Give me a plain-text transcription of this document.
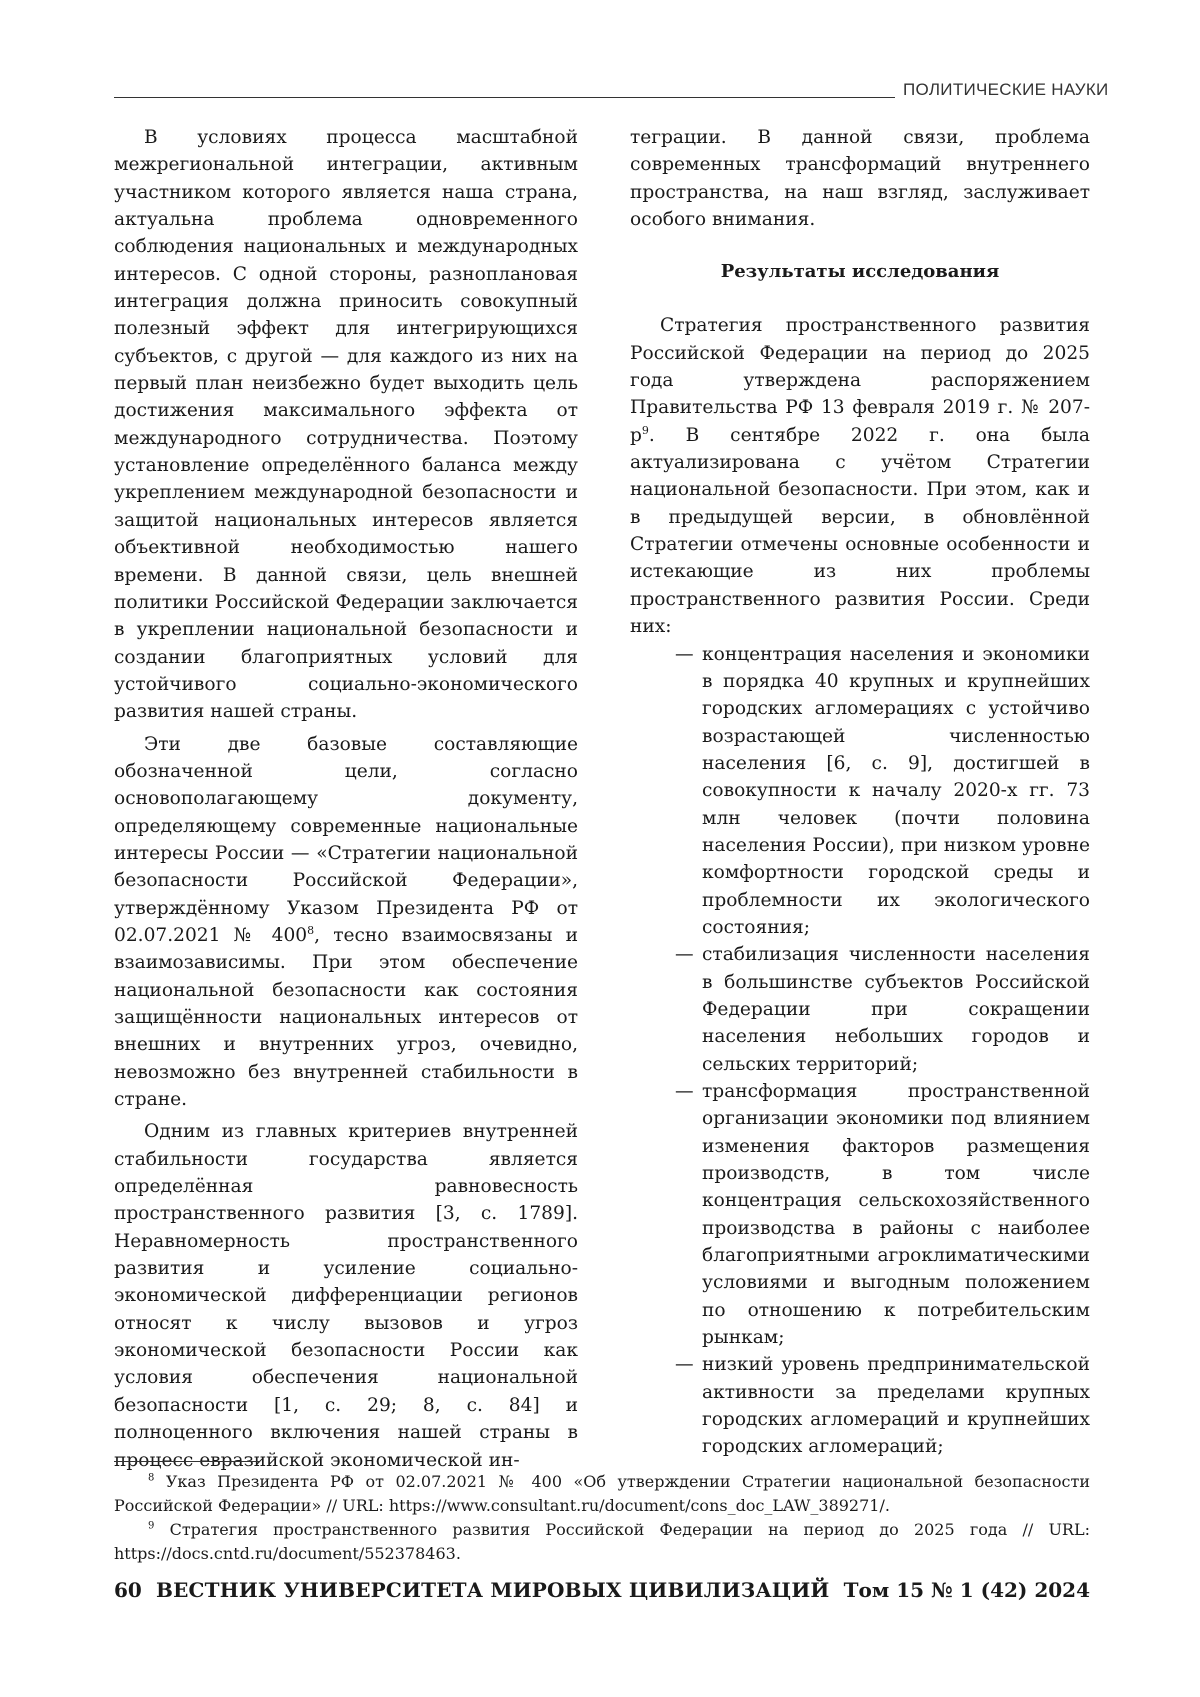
ПОЛИТИЧЕСКИЕ НАУКИ

В условиях процесса масштабной межрегиональной интеграции, активным участником которого является наша страна, актуальна проблема одновременного соблюдения национальных и международных интересов. С одной стороны, разноплановая интеграция должна приносить совокупный полезный эффект для интегрирующихся субъектов, с другой — для каждого из них на первый план неизбежно будет выходить цель достижения максимального эффекта от международного сотрудничества. Поэтому установление определённого баланса между укреплением международной безопасности и защитой национальных интересов является объективной необходимостью нашего времени. В данной связи, цель внешней политики Российской Федерации заключается в укреплении национальной безопасности и создании благоприятных условий для устойчивого социально-экономического развития нашей страны.

Эти две базовые составляющие обозначенной цели, согласно основополагающему документу, определяющему современные национальные интересы России — «Стратегии национальной безопасности Российской Федерации», утверждённому Указом Президента РФ от 02.07.2021 № $400^8$, тесно взаимосвязаны и взаимозависимы. При этом обеспечение национальной безопасности как состояния защищённости национальных интересов от внешних и внутренних угроз, очевидно, невозможно без внутренней стабильности в стране.

Одним из главных критериев внутренней стабильности государства является определённая равновесность пространственного развития [3, с. 1789]. Неравномерность пространственного развития и усиление социально-экономической дифференциации регионов относят к числу вызовов и угроз экономической безопасности России как условия обеспечения национальной безопасности [1, с. 29; 8, с. 84] и полноценного включения нашей страны в процесс евразийской экономической ин-

теграции. В данной связи, проблема современных трансформаций внутреннего пространства, на наш взгляд, заслуживает особого внимания.

Результаты исследования

Стратегия пространственного развития Российской Федерации на период до 2025 года утверждена распоряжением Правительства РФ 13 февраля 2019 г. № $207-р^9$. В сентябре 2022 г. она была актуализирована с учётом Стратегии национальной безопасности. При этом, как и в предыдущей версии, в обновлённой Стратегии отмечены основные особенности и истекающие из них проблемы пространственного развития России. Среди них:

— концентрация населения и экономики в порядка 40 крупных и крупнейших городских агломерациях с устойчиво возрастающей численностью населения [6, с. 9], достигшей в совокупности к началу 2020-х гг. 73 млн человек (почти половина населения России), при низком уровне комфортности городской среды и проблемности их экологического состояния;
— стабилизация численности населения в большинстве субъектов Российской Федерации при сокращении населения небольших городов и сельских территорий;
— трансформация пространственной организации экономики под влиянием изменения факторов размещения производств, в том числе концентрация сельскохозяйственного производства в районы с наиболее благоприятными агроклиматическими условиями и выгодным положением по отношению к потребительским рынкам;
— низкий уровень предпринимательской активности за пределами крупных городских агломераций и крупнейших городских агломераций;

$^8$ Указ Президента РФ от 02.07.2021 № 400 «Об утверждении Стратегии национальной безопасности Российской Федерации» // URL: https://www.consultant.ru/document/cons_doc_LAW_389271/.

$^9$ Стратегия пространственного развития Российской Федерации на период до 2025 года // URL: https://docs.cntd.ru/document/552378463.

60 ВЕСТНИК УНИВЕРСИТЕТА МИРОВЫХ ЦИВИЛИЗАЦИЙ Том 15 № 1 (42) 2024
